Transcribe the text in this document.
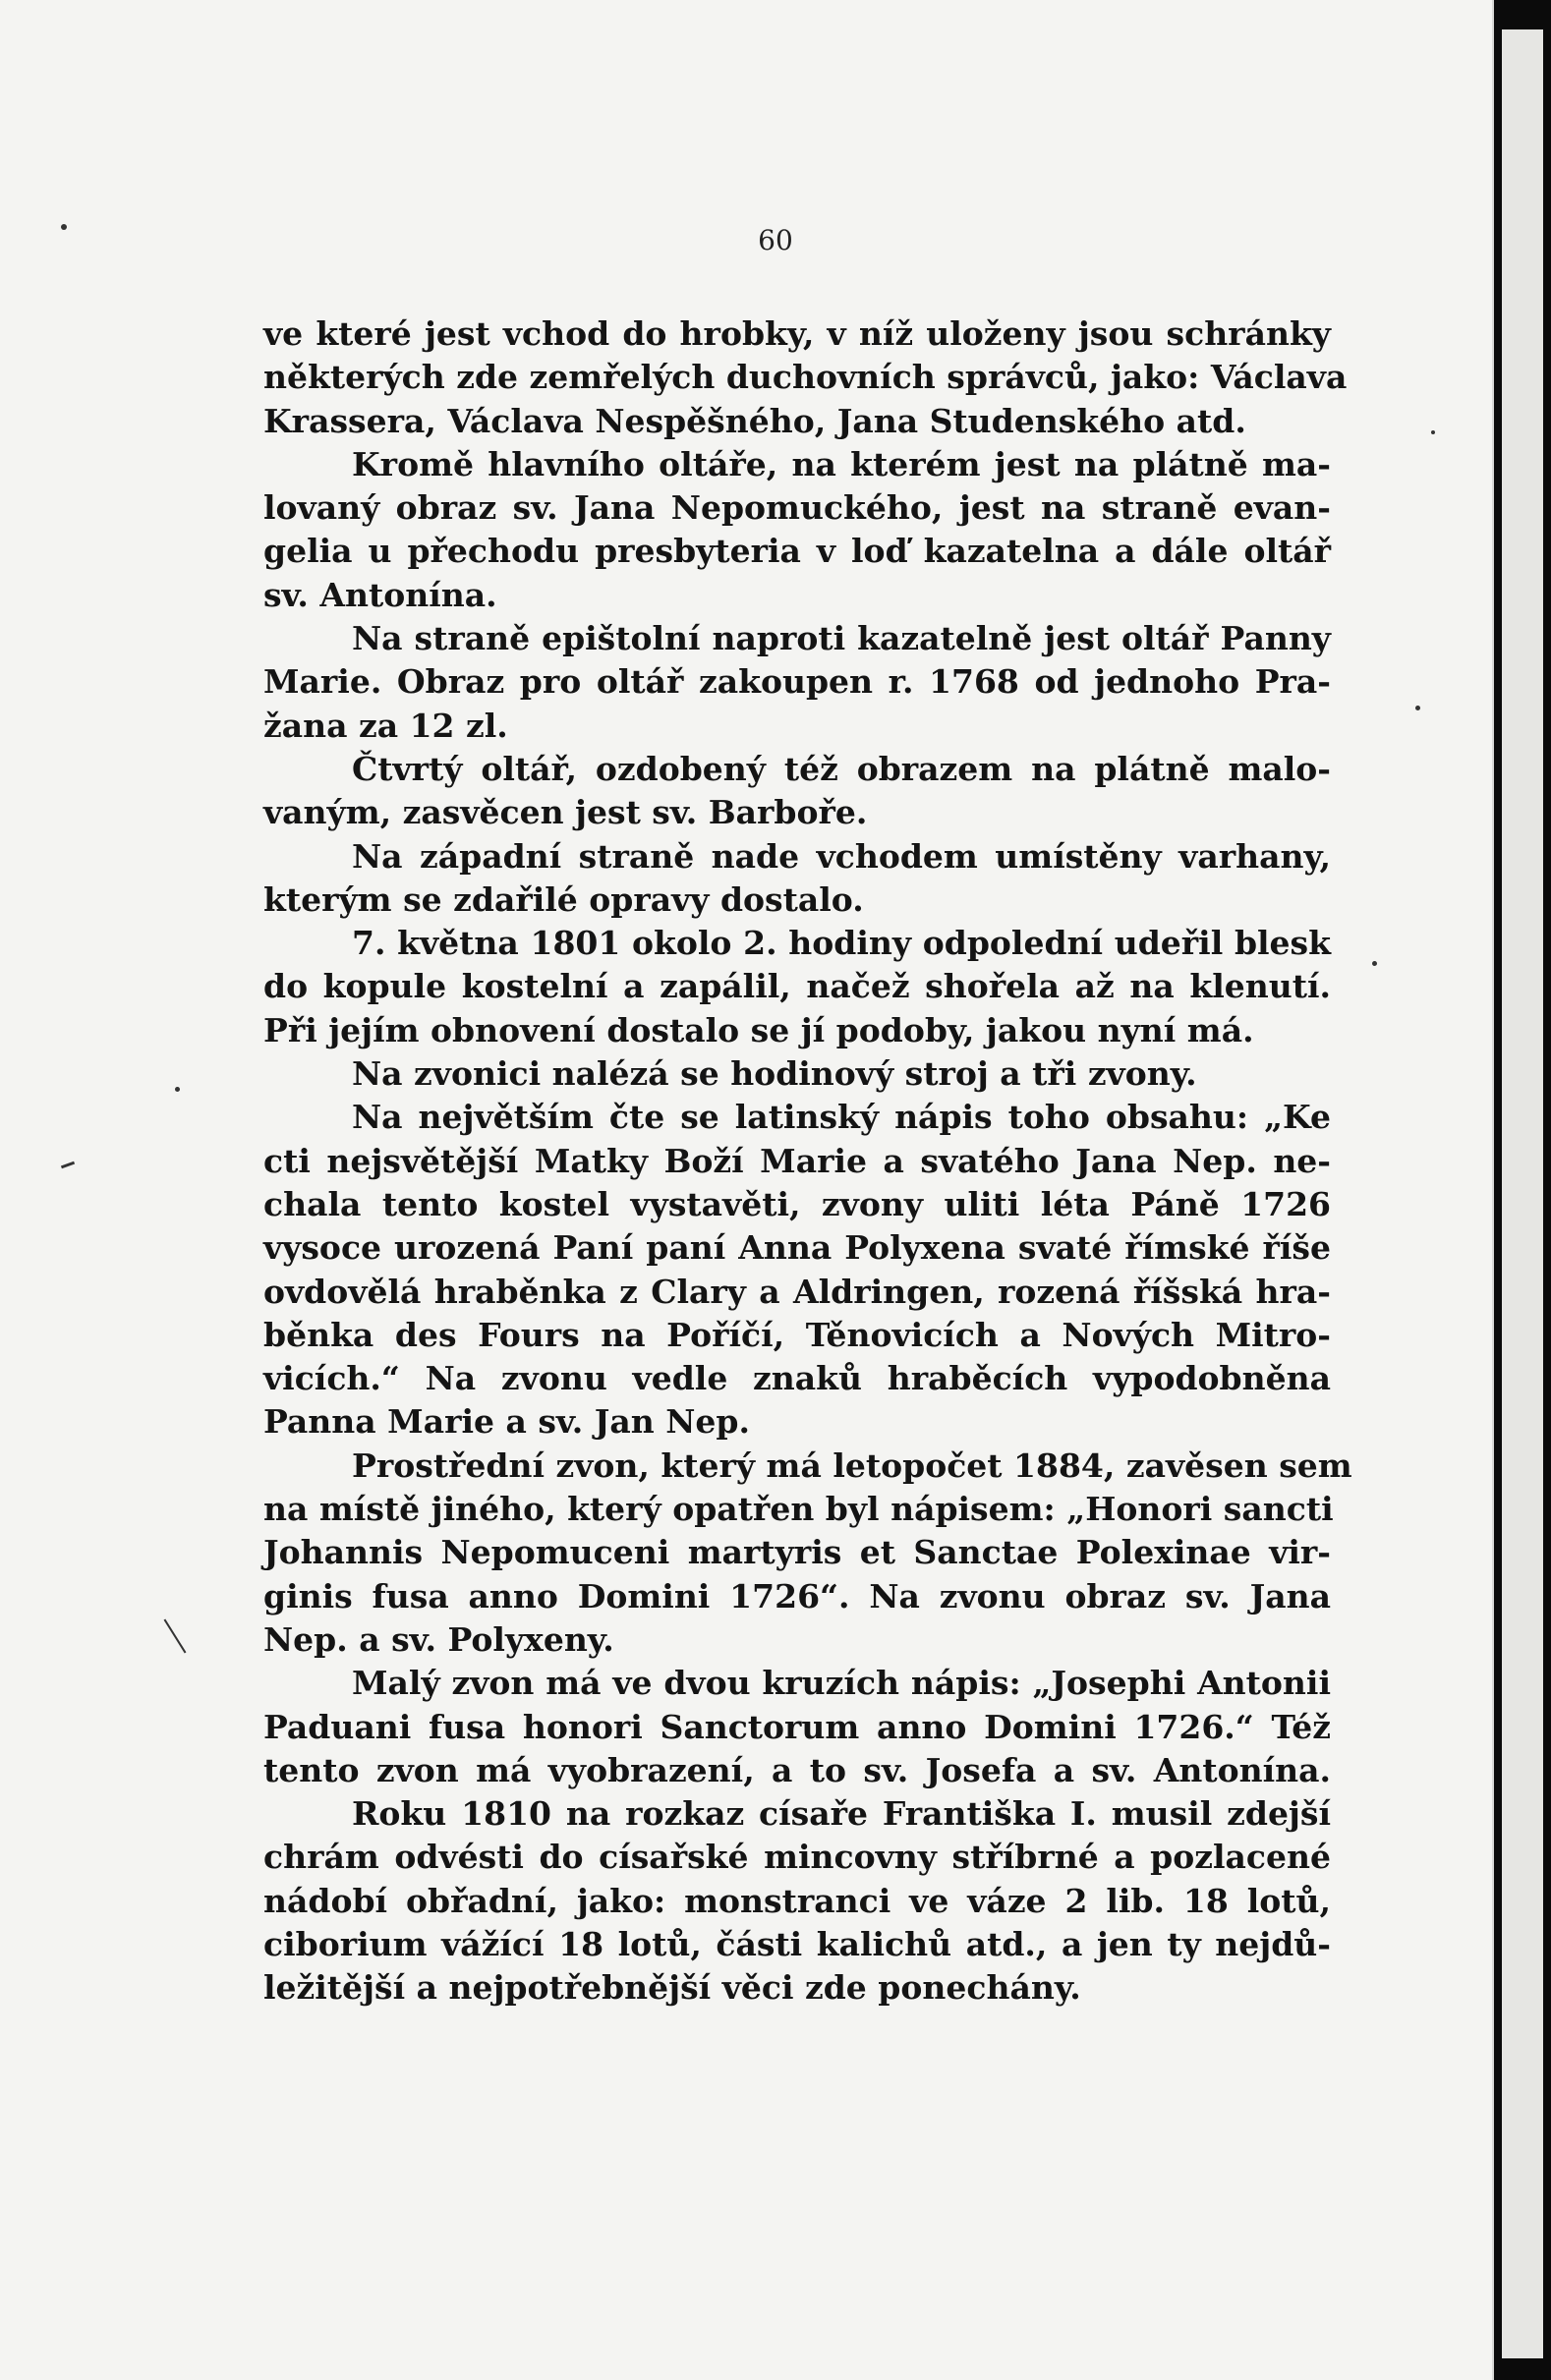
60
ve které jest vchod do hrobky, v níž uloženy jsou schránky
některých zde zemřelých duchovních správců, jako: Václava
Krassera, Václava Nespěšného, Jana Studenského atd.
Kromě hlavního oltáře, na kterém jest na plátně ma-
lovaný obraz sv. Jana Nepomuckého, jest na straně evan-
gelia u přechodu presbyteria v loď kazatelna a dále oltář
sv. Antonína.
Na straně epištolní naproti kazatelně jest oltář Panny
Marie. Obraz pro oltář zakoupen r. 1768 od jednoho Pra-
žana za 12 zl.
Čtvrtý oltář, ozdobený též obrazem na plátně malo-
vaným, zasvěcen jest sv. Barboře.
Na západní straně nade vchodem umístěny varhany,
kterým se zdařilé opravy dostalo.
7. května 1801 okolo 2. hodiny odpolední udeřil blesk
do kopule kostelní a zapálil, načež shořela až na klenutí.
Při jejím obnovení dostalo se jí podoby, jakou nyní má.
Na zvonici nalézá se hodinový stroj a tři zvony.
Na největším čte se latinský nápis toho obsahu: „Ke
cti nejsvětější Matky Boží Marie a svatého Jana Nep. ne-
chala tento kostel vystavěti, zvony uliti léta Páně 1726
vysoce urozená Paní paní Anna Polyxena svaté římské říše
ovdovělá hraběnka z Clary a Aldringen, rozená říšská hra-
běnka des Fours na Poříčí, Těnovicích a Nových Mitro-
vicích.“ Na zvonu vedle znaků hraběcích vypodobněna
Panna Marie a sv. Jan Nep.
Prostřední zvon, který má letopočet 1884, zavěsen sem
na místě jiného, který opatřen byl nápisem: „Honori sancti
Johannis Nepomuceni martyris et Sanctae Polexinae vir-
ginis fusa anno Domini 1726“. Na zvonu obraz sv. Jana
Nep. a sv. Polyxeny.
Malý zvon má ve dvou kruzích nápis: „Josephi Antonii
Paduani fusa honori Sanctorum anno Domini 1726.“ Též
tento zvon má vyobrazení, a to sv. Josefa a sv. Antonína.
Roku 1810 na rozkaz císaře Františka I. musil zdejší
chrám odvésti do císařské mincovny stříbrné a pozlacené
nádobí obřadní, jako: monstranci ve váze 2 lib. 18 lotů,
ciborium vážící 18 lotů, části kalichů atd., a jen ty nejdů-
ležitější a nejpotřebnější věci zde ponechány.
